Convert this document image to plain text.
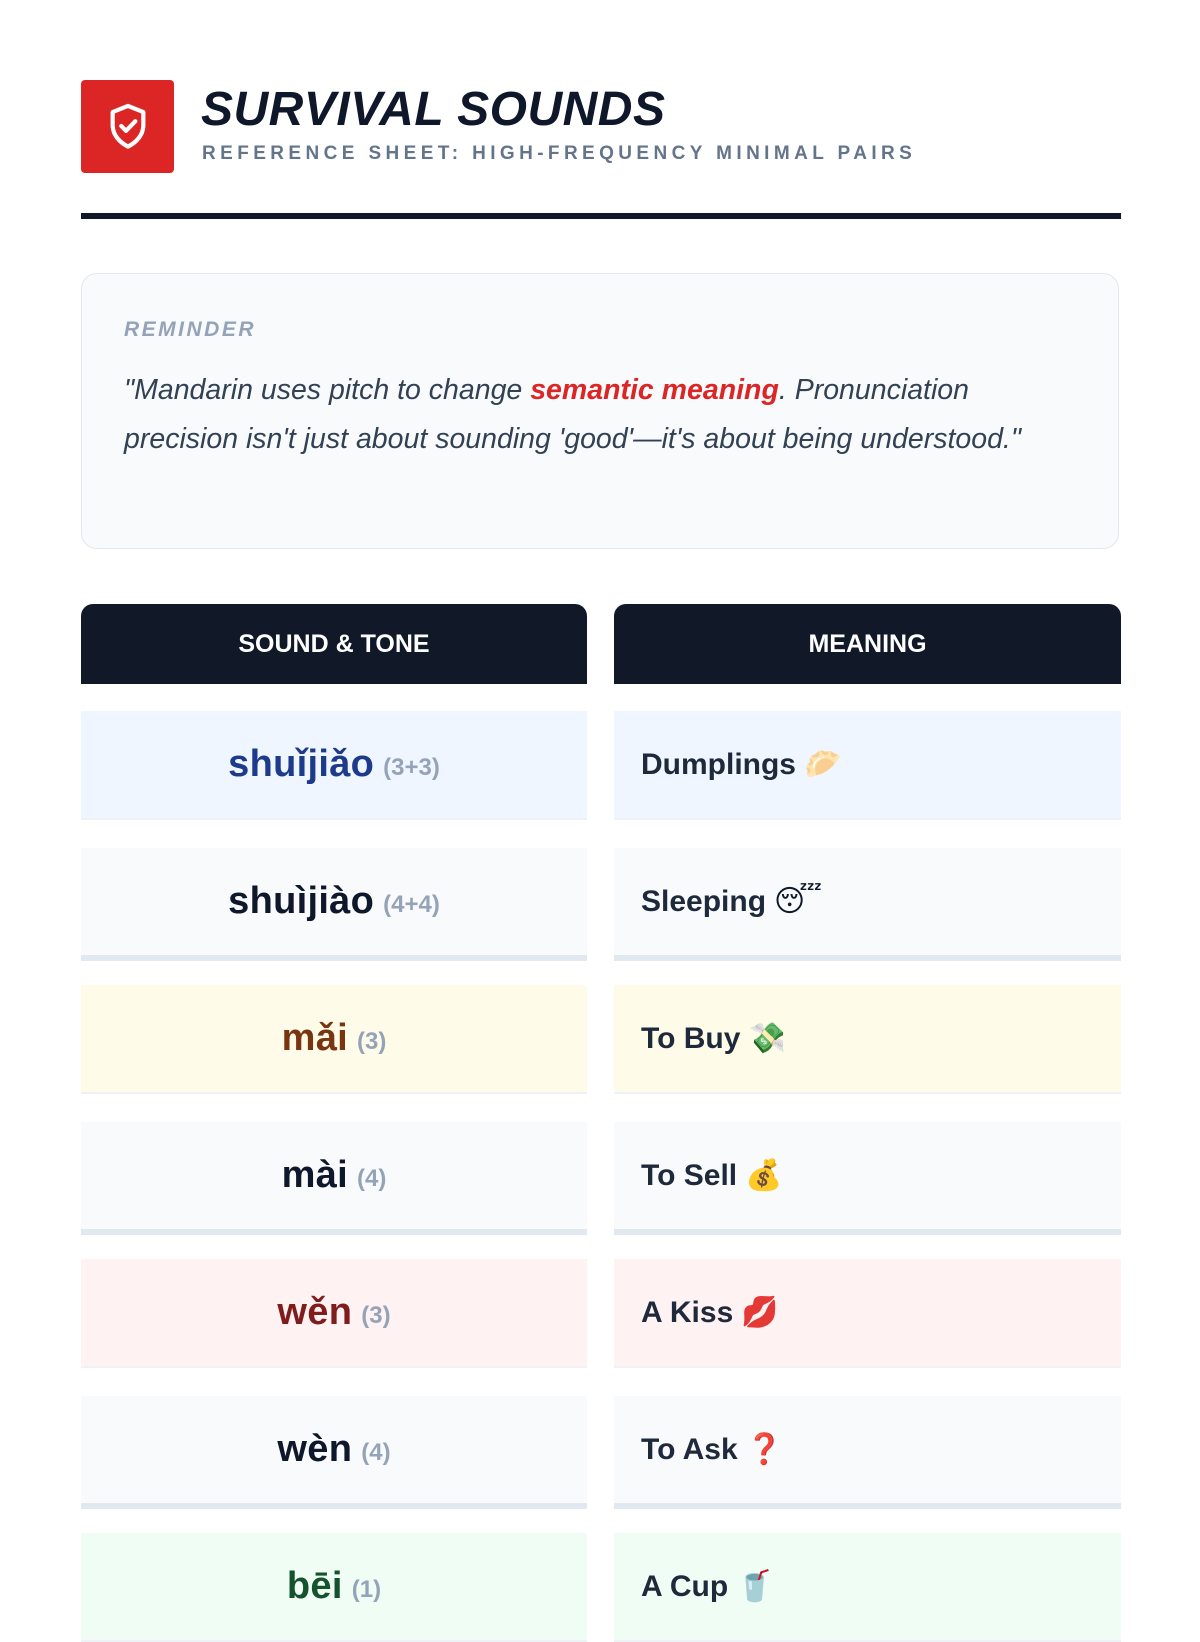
SURVIVAL SOUNDS
REFERENCE SHEET: HIGH-FREQUENCY MINIMAL PAIRS
REMINDER
"Mandarin uses pitch to change semantic meaning. Pronunciation precision isn't just about sounding 'good'—it's about being understood."
SOUND & TONE	MEANING
shuǐjiǎo (3+3)	Dumplings 🥟
shuìjiào (4+4)	Sleeping 😴
mǎi (3)	To Buy 💸
mài (4)	To Sell 💰
wěn (3)	A Kiss 💋
wèn (4)	To Ask ❓
bēi (1)	A Cup 🥤
